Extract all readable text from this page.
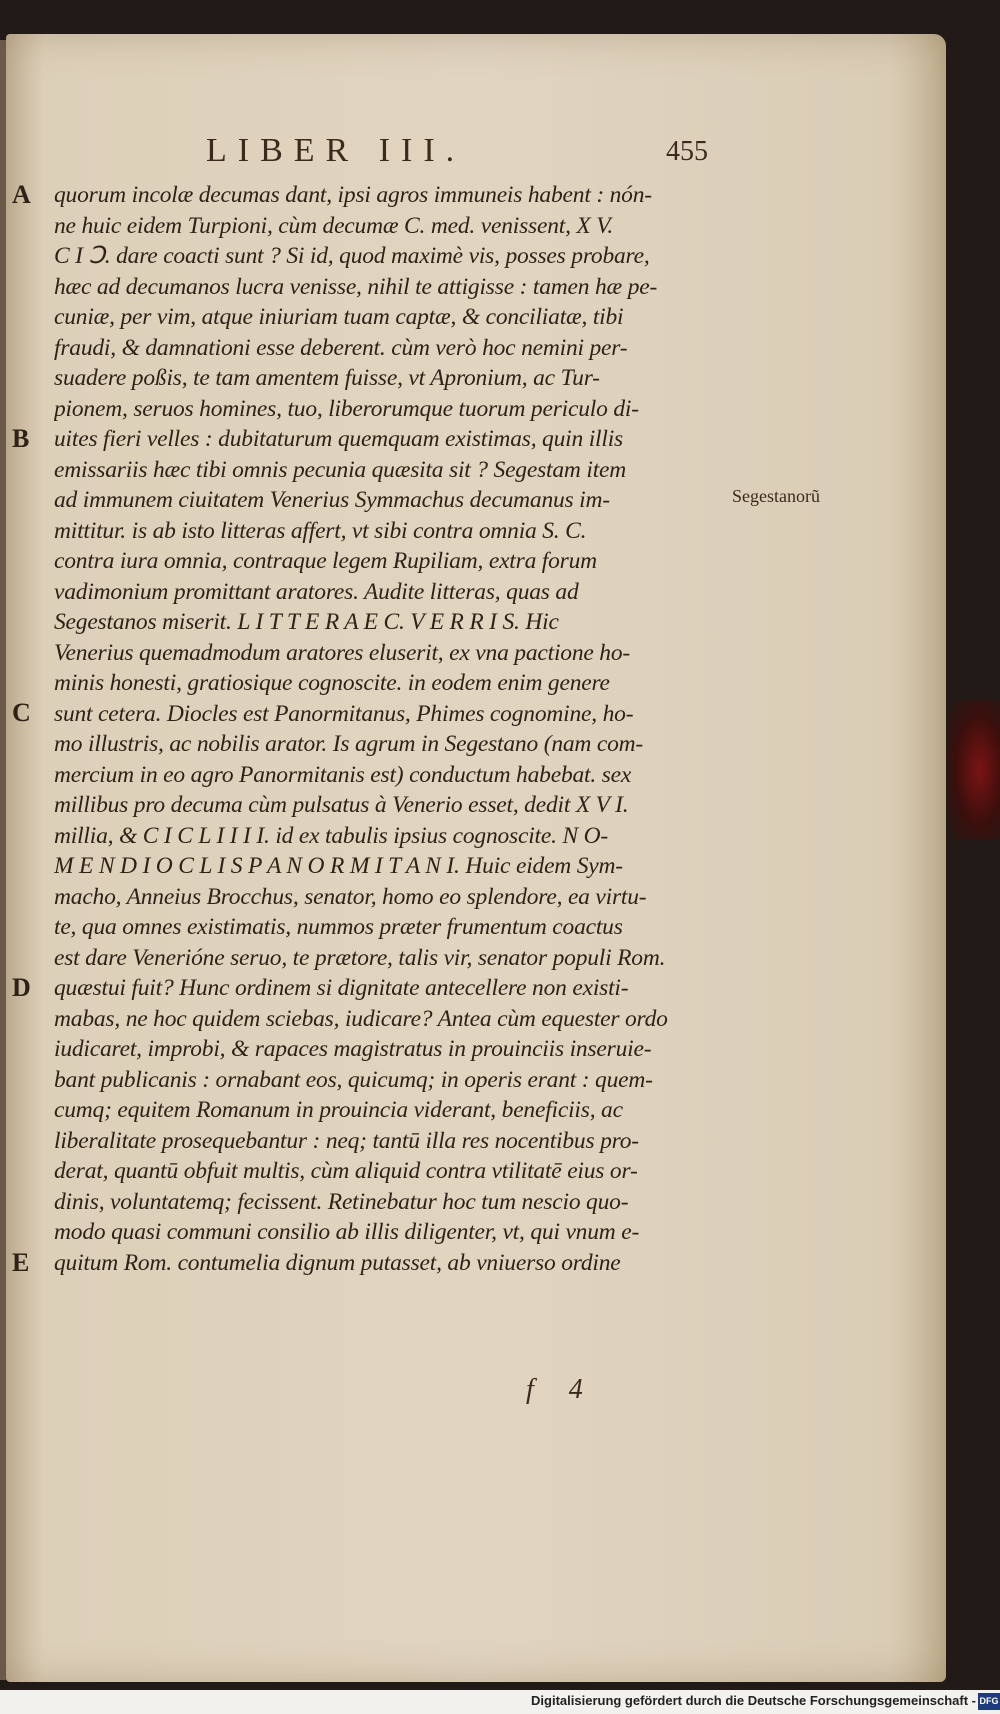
LIBER III.	455
A
B
C
D
E
quorum incolæ decumas dant, ipsi agros immuneis habent : nón-
ne huic eidem Turpioni, cùm decumæ C. med. venissent, X V.
C I Ↄ. dare coacti sunt ? Si id, quod maximè vis, posses probare,
hæc ad decumanos lucra venisse, nihil te attigisse : tamen hæ pe-
cuniæ, per vim, atque iniuriam tuam captæ, & conciliatæ, tibi
fraudi, & damnationi esse deberent. cùm verò hoc nemini per-
suadere poßis, te tam amentem fuisse, vt Apronium, ac Tur-
pionem, seruos homines, tuo, liberorumque tuorum periculo di-
uites fieri velles : dubitaturum quemquam existimas, quin illis
emissariis hæc tibi omnis pecunia quæsita sit ? Segestam item
ad immunem ciuitatem Venerius Symmachus decumanus im-
mittitur. is ab isto litteras affert, vt sibi contra omnia S. C.
contra iura omnia, contraque legem Rupiliam, extra forum
vadimonium promittant aratores. Audite litteras, quas ad
Segestanos miserit. L I T T E R A E C. V E R R I S. Hic
Venerius quemadmodum aratores eluserit, ex vna pactione ho-
minis honesti, gratiosique cognoscite. in eodem enim genere
sunt cetera. Diocles est Panormitanus, Phimes cognomine, ho-
mo illustris, ac nobilis arator. Is agrum in Segestano (nam com-
mercium in eo agro Panormitanis est) conductum habebat. sex
millibus pro decuma cùm pulsatus à Venerio esset, dedit X V I.
millia, & C I C L I I I I. id ex tabulis ipsius cognoscite. N O-
M E N D I O C L I S P A N O R M I T A N I. Huic eidem Sym-
macho, Anneius Brocchus, senator, homo eo splendore, ea virtu-
te, qua omnes existimatis, nummos præter frumentum coactus
est dare Venerióne seruo, te prætore, talis vir, senator populi Rom.
quæstui fuit? Hunc ordinem si dignitate antecellere non existi-
mabas, ne hoc quidem sciebas, iudicare? Antea cùm equester ordo
iudicaret, improbi, & rapaces magistratus in prouinciis inseruie-
bant publicanis : ornabant eos, quicumq; in operis erant : quem-
cumq; equitem Romanum in prouincia viderant, beneficiis, ac
liberalitate prosequebantur : neq; tantū illa res nocentibus pro-
derat, quantū obfuit multis, cùm aliquid contra vtilitatē eius or-
dinis, voluntatemq; fecissent. Retinebatur hoc tum nescio quo-
modo quasi communi consilio ab illis diligenter, vt, qui vnum e-
quitum Rom. contumelia dignum putasset, ab vniuerso ordine
Segestanorũ
f 4
Digitalisierung gefördert durch die Deutsche Forschungsgemeinschaft - DFG
